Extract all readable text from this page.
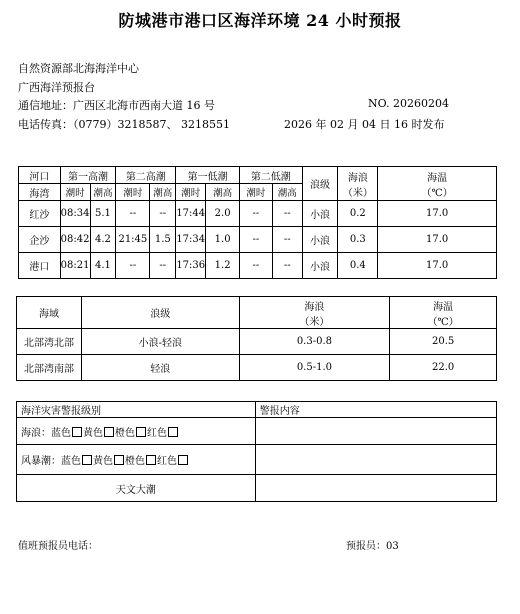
防城港市港口区海洋环境 24 小时预报
自然资源部北海海洋中心
广西海洋预报台
通信地址：广西区北海市西南大道 16 号	NO. 20260204
电话传真：（0779）3218587、 3218551	2026 年 02 月 04 日 16 时发布
河口	第一高潮		第二高潮		第一低潮		第二低潮		浪级	海浪
（米）	海温
（℃）
海湾	潮时	潮高	潮时	潮高	潮时	潮高	潮时	潮高			
红沙	08:34	5.1	--	--	17:44	2.0	--	--	小浪	0.2	17.0
企沙	08:42	4.2	21:45	1.5	17:34	1.0	--	--	小浪	0.3	17.0
港口	08:21	4.1	--	--	17:36	1.2	--	--	小浪	0.4	17.0
海域	浪级	海浪
（米）	海温
（℃）
北部湾北部	小浪-轻浪	0.3-0.8	20.5
北部湾南部	轻浪	0.5-1.0	22.0
海洋灾害警报级别	警报内容
海浪：蓝色 黄色 橙色 红色	
风暴潮：蓝色 黄色 橙色 红色	
天文大潮	
值班预报员电话：	预报员：03
